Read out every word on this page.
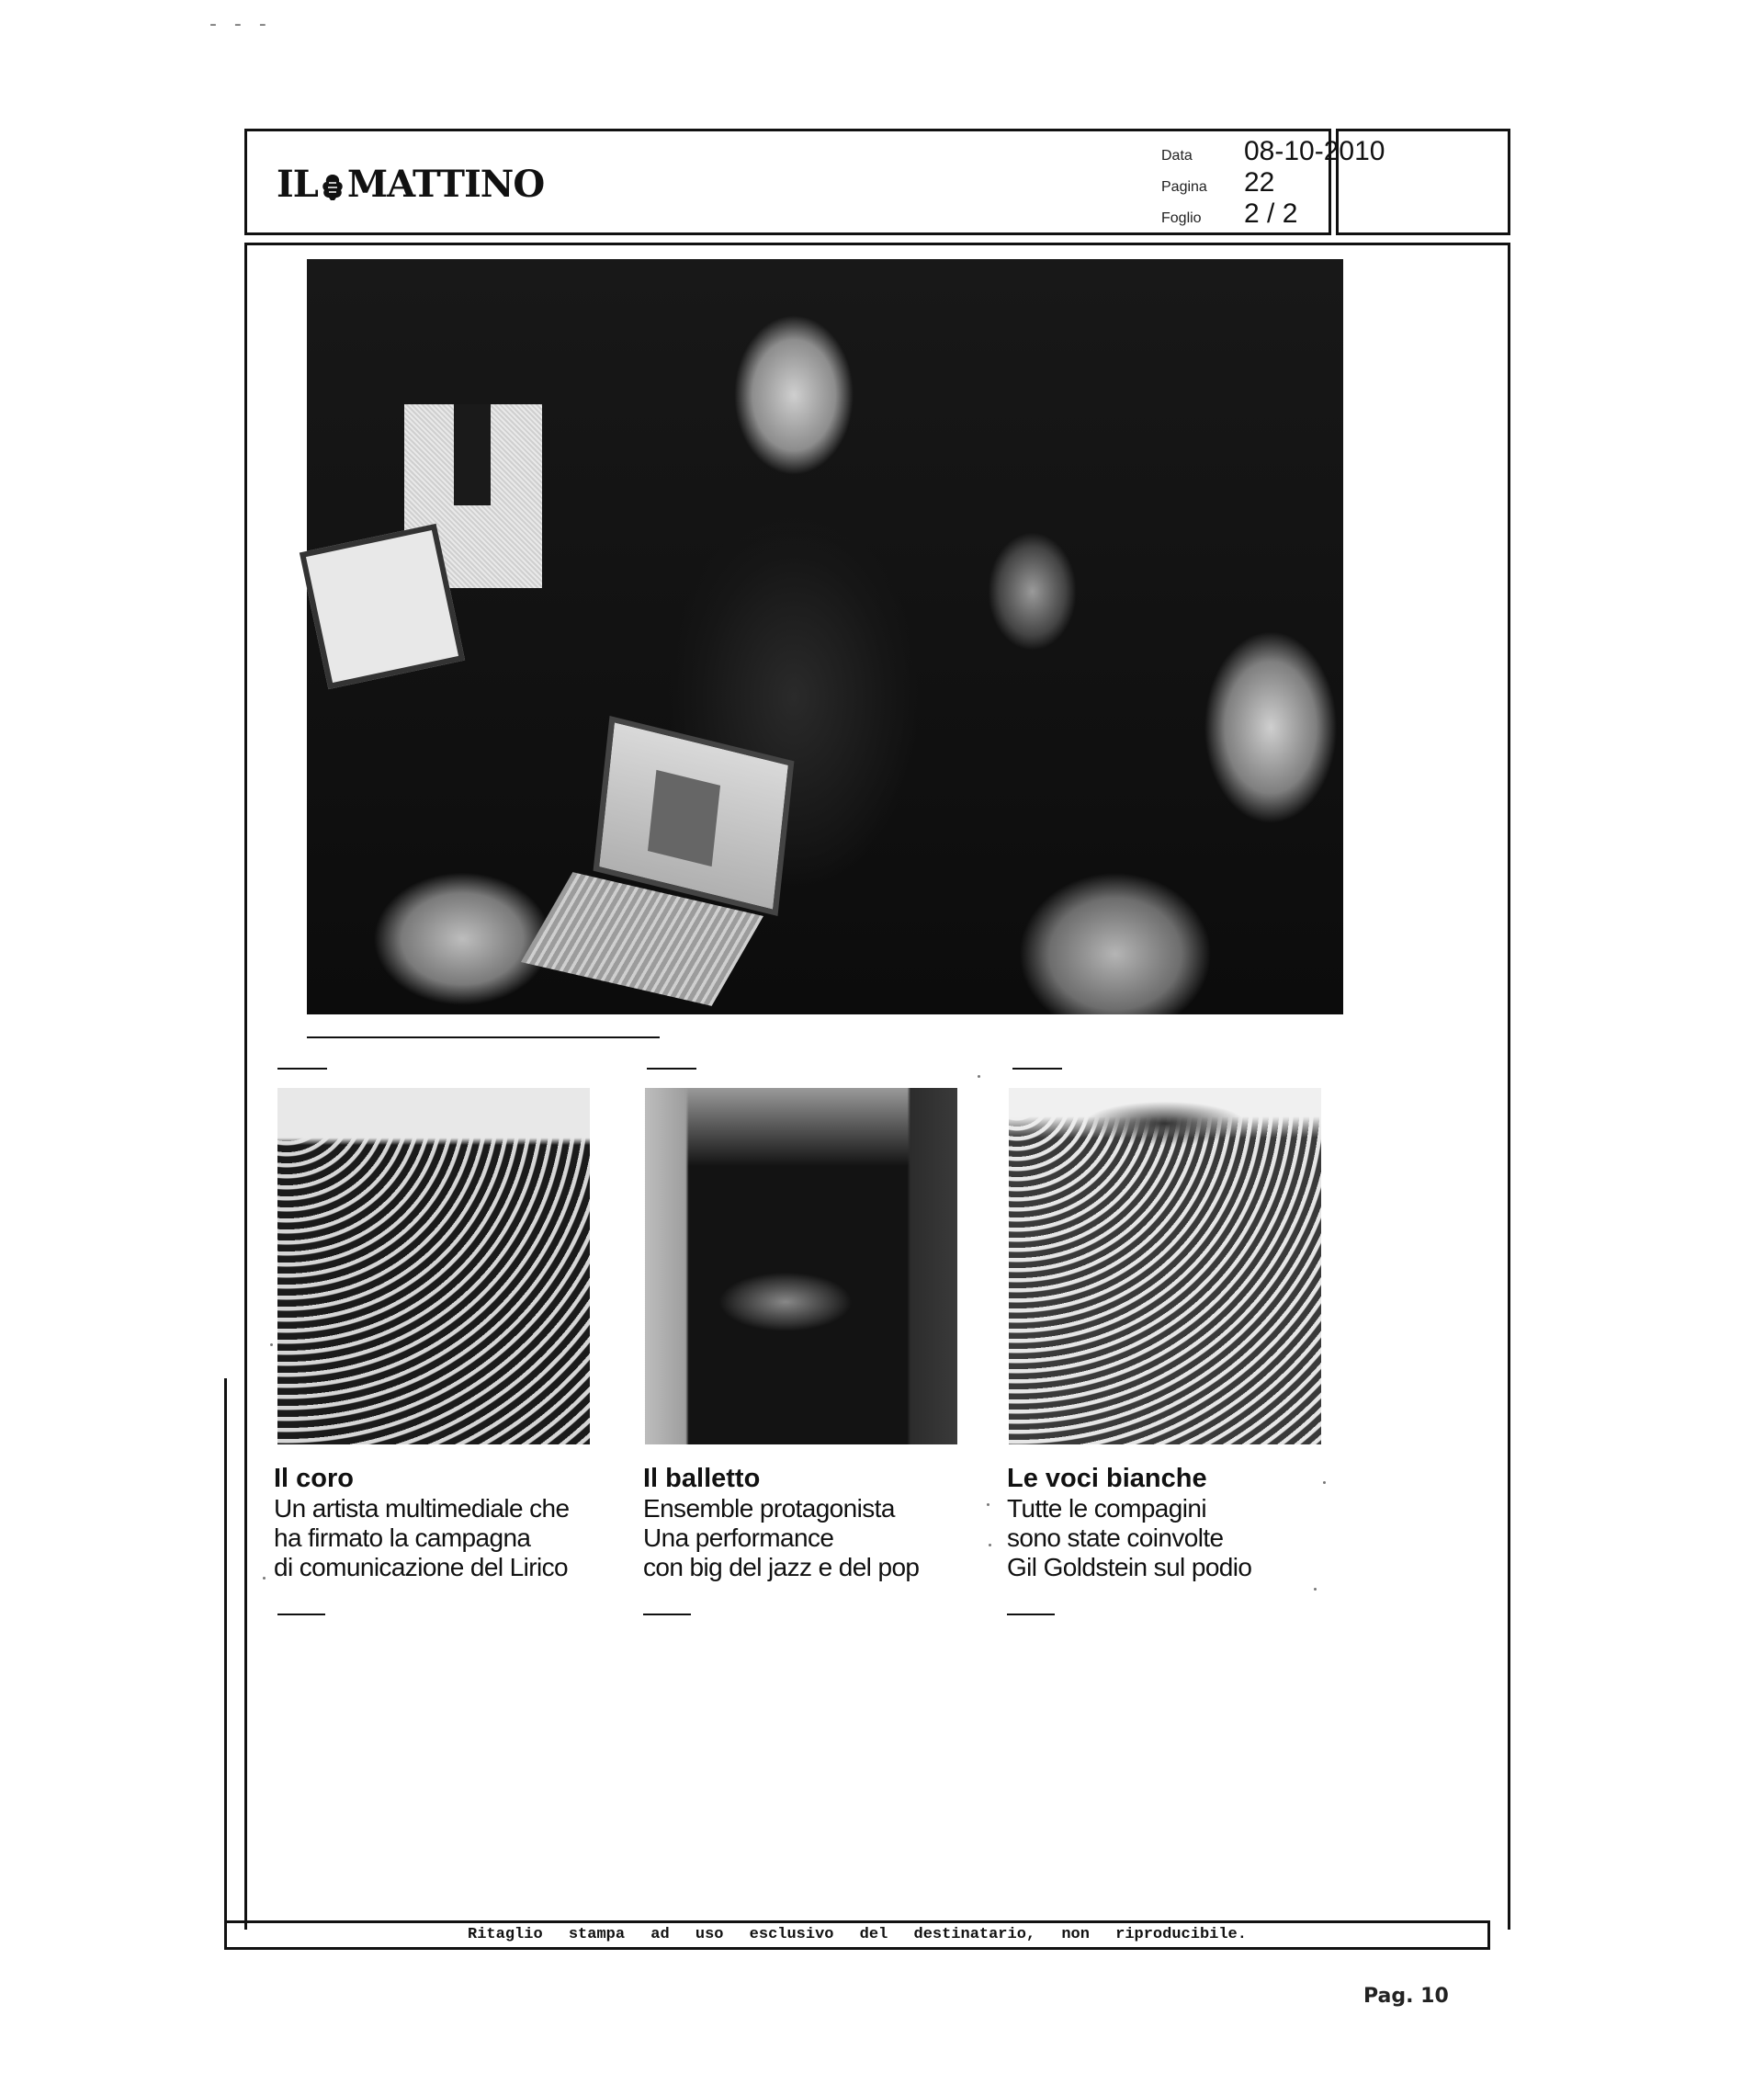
- - -
IL MATTINO
Data	08-10-2010
Pagina	22
Foglio	2 / 2
Il coro
Un artista multimediale che
ha firmato la campagna
di comunicazione del Lirico
Il balletto
Ensemble protagonista
Una performance
con big del jazz e del pop
Le voci bianche
Tutte le compagini
sono state coinvolte
Gil Goldstein sul podio
Ritaglio stampa ad uso esclusivo del destinatario, non riproducibile.
Pag. 10
